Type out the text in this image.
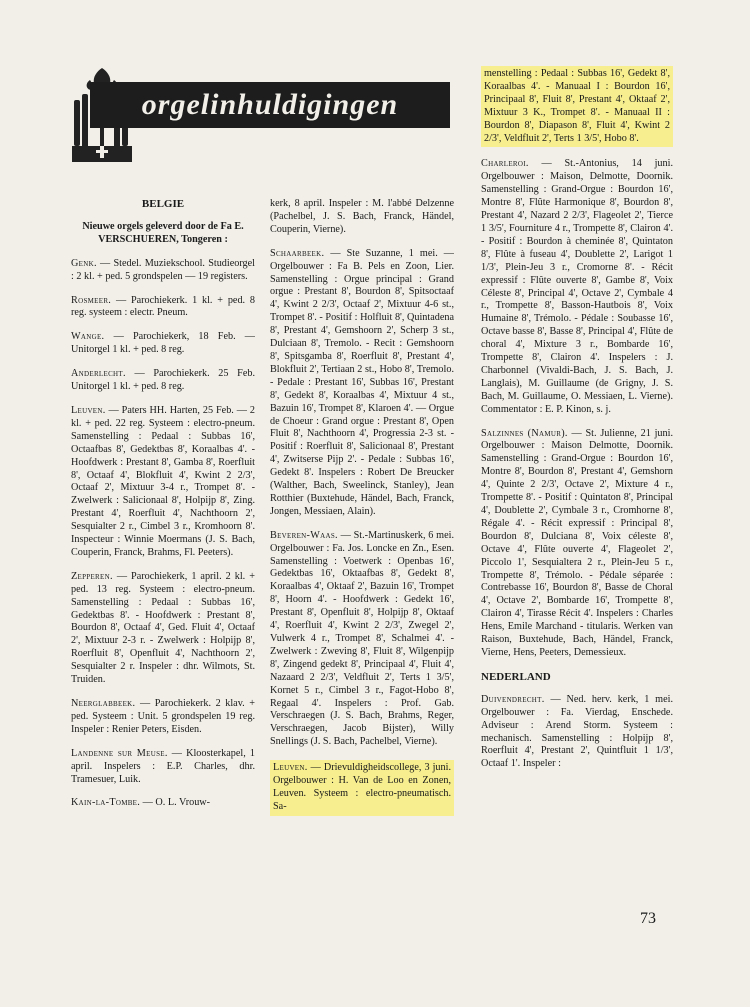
orgelinhuldigingen

BELGIE

Nieuwe orgels geleverd door de Fa E. VERSCHUEREN, Tongeren :

Genk. — Stedel. Muziekschool. Studieorgel : 2 kl. + ped. 5 grondspelen — 19 registers.

Rosmeer. — Parochiekerk. 1 kl. + ped. 8 reg. systeem : electr. Pneum.

Wange. — Parochiekerk, 18 Feb. — Unitorgel 1 kl. + ped. 8 reg.

Anderlecht. — Parochiekerk. 25 Feb. Unitorgel 1 kl. + ped. 8 reg.

Leuven. — Paters HH. Harten, 25 Feb. — 2 kl. + ped. 22 reg. Systeem : electro-pneum. Samenstelling : Pedaal : Subbas 16', Octaafbas 8', Gedektbas 8', Koraalbas 4'. - Hoofdwerk : Prestant 8', Gamba 8', Roerfluit 8', Octaaf 4', Blokfluit 4', Kwint 2 2/3', Octaaf 2', Mixtuur 3-4 r., Trompet 8'. - Zwelwerk : Salicionaal 8', Holpijp 8', Zing. Prestant 4', Roerfluit 4', Nachthoorn 2', Sesquialter 2 r., Cimbel 3 r., Kromhoorn 8'. Inspecteur : Winnie Moermans (J. S. Bach, Couperin, Franck, Brahms, Fl. Peeters).

Zepperen. — Parochiekerk, 1 april. 2 kl. + ped. 13 reg. Systeem : electro-pneum. Samenstelling : Pedaal : Subbas 16', Gedektbas 8'. - Hoofdwerk : Prestant 8', Bourdon 8', Octaaf 4', Ged. Fluit 4', Octaaf 2', Mixtuur 2-3 r. - Zwelwerk : Holpijp 8', Roerfluit 8', Openfluit 4', Nachthoorn 2', Sesquialter 2 r. Inspeler : dhr. Wilmots, St. Truiden.

Neerglabbeek. — Parochiekerk. 2 klav. + ped. Systeem : Unit. 5 grondspelen 19 reg. Inspeler : Renier Peters, Eisden.

Landenne sur Meuse. — Kloosterkapel, 1 april. Inspelers : E.P. Charles, dhr. Tramesuer, Luik.

Kain-la-Tombe. — O. L. Vrouw-

kerk, 8 april. Inspeler : M. l'abbé Delzenne (Pachelbel, J. S. Bach, Franck, Händel, Couperin, Vierne).

Schaarbeek. — Ste Suzanne, 1 mei. — Orgelbouwer : Fa B. Pels en Zoon, Lier. Samenstelling : Orgue principal : Grand orgue : Prestant 8', Bourdon 8', Spitsoctaaf 4', Kwint 2 2/3', Octaaf 2', Mixtuur 4-6 st., Trompet 8'. - Positif : Holfluit 8', Quintadena 8', Prestant 4', Gemshoorn 2', Scherp 3 st., Dulciaan 8', Tremolo. - Recit : Gemshoorn 8', Spitsgamba 8', Roerfluit 8', Prestant 4', Blokfluit 2', Tertiaan 2 st., Hobo 8', Tremolo. - Pedale : Prestant 16', Subbas 16', Prestant 8', Gedekt 8', Koraalbas 4', Mixtuur 4 st., Bazuin 16', Trompet 8', Klaroen 4'. — Orgue de Choeur : Grand orgue : Prestant 8', Open Fluit 8', Nachthoorn 4', Progressia 2-3 st. - Positif : Roerfluit 8', Salicionaal 8', Prestant 4', Zwitserse Pijp 2'. - Pedale : Subbas 16', Gedekt 8'. Inspelers : Robert De Breucker (Walther, Bach, Sweelinck, Stanley), Jean Rotthier (Buxtehude, Händel, Bach, Franck, Jongen, Messiaen, Alain).

Beveren-Waas. — St.-Martinuskerk, 6 mei. Orgelbouwer : Fa. Jos. Loncke en Zn., Esen. Samenstelling : Voetwerk : Openbas 16', Gedektbas 16', Oktaafbas 8', Gedekt 8', Koraalbas 4', Oktaaf 2', Bazuin 16', Trompet 8', Hoorn 4'. - Hoofdwerk : Gedekt 16', Prestant 8', Openfluit 8', Holpijp 8', Oktaaf 4', Roerfluit 4', Kwint 2 2/3', Zwegel 2', Vulwerk 4 r., Trompet 8', Schalmei 4'. - Zwelwerk : Zweving 8', Fluit 8', Wilgenpijp 8', Zingend gedekt 8', Principaal 4', Fluit 4', Nazaard 2 2/3', Veldfluit 2', Terts 1 3/5', Kornet 5 r., Cimbel 3 r., Fagot-Hobo 8', Regaal 4'. Inspelers : Prof. Gab. Verschraegen (J. S. Bach, Brahms, Reger, Verschraegen, Jacob Bijster), Willy Snellings (J. S. Bach, Pachelbel, Vierne).

Leuven. — Drievuldigheidscollege, 3 juni. Orgelbouwer : H. Van de Loo en Zonen, Leuven. Systeem : electro-pneumatisch. Sa-

menstelling : Pedaal : Subbas 16', Gedekt 8', Koraalbas 4'. - Manuaal I : Bourdon 16', Principaal 8', Fluit 8', Prestant 4', Oktaaf 2', Mixtuur 3 K., Trompet 8'. - Manuaal II : Bourdon 8', Diapason 8', Fluit 4', Kwint 2 2/3', Veldfluit 2', Terts 1 3/5', Hobo 8'.

Charleroi. — St.-Antonius, 14 juni. Orgelbouwer : Maison, Delmotte, Doornik. Samenstelling : Grand-Orgue : Bourdon 16', Montre 8', Flûte Harmonique 8', Bourdon 8', Prestant 4', Nazard 2 2/3', Flageolet 2', Tierce 1 3/5', Fourniture 4 r., Trompette 8', Clairon 4'. - Positif : Bourdon à cheminée 8', Quintaton 8', Flûte à fuseau 4', Doublette 2', Larigot 1 1/3', Plein-Jeu 3 r., Cromorne 8'. - Récit expressif : Flûte ouverte 8', Gambe 8', Voix Céleste 8', Principal 4', Octave 2', Cymbale 4 r., Trompette 8', Basson-Hautbois 8', Voix Humaine 8', Trémolo. - Pédale : Soubasse 16', Octave basse 8', Basse 8', Principal 4', Flûte de choral 4', Mixture 3 r., Bombarde 16', Trompette 8', Clairon 4'. Inspelers : J. Charbonnel (Vivaldi-Bach, J. S. Bach, J. Langlais), M. Guillaume (de Grigny, J. S. Bach, M. Guillaume, O. Messiaen, L. Vierne). Commentator : E. P. Kinon, s. j.

Salzinnes (Namur). — St. Julienne, 21 juni. Orgelbouwer : Maison Delmotte, Doornik. Samenstelling : Grand-Orgue : Bourdon 16', Montre 8', Bourdon 8', Prestant 4', Gemshorn 4', Quinte 2 2/3', Octave 2', Mixture 4 r., Trompette 8'. - Positif : Quintaton 8', Principal 4', Doublette 2', Cymbale 3 r., Cromhorne 8', Régale 4'. - Récit expressif : Principal 8', Bourdon 8', Dulciana 8', Voix céleste 8', Octave 4', Flûte ouverte 4', Flageolet 2', Piccolo 1', Sesquialtera 2 r., Plein-Jeu 5 r., Trompette 8', Trémolo. - Pédale séparée : Contrebasse 16', Bourdon 8', Basse de Choral 4', Octave 2', Bombarde 16', Trompette 8', Clairon 4', Tirasse Récit 4'. Inspelers : Charles Hens, Emile Marchand - titularis. Werken van Raison, Buxtehude, Bach, Händel, Franck, Vierne, Hens, Peeters, Demessieux.

NEDERLAND

Duivendrecht. — Ned. herv. kerk, 1 mei. Orgelbouwer : Fa. Vierdag, Enschede. Adviseur : Arend Storm. Systeem : mechanisch. Samenstelling : Holpijp 8', Roerfluit 4', Prestant 2', Quintfluit 1 1/3', Octaaf 1'. Inspeler :

73
